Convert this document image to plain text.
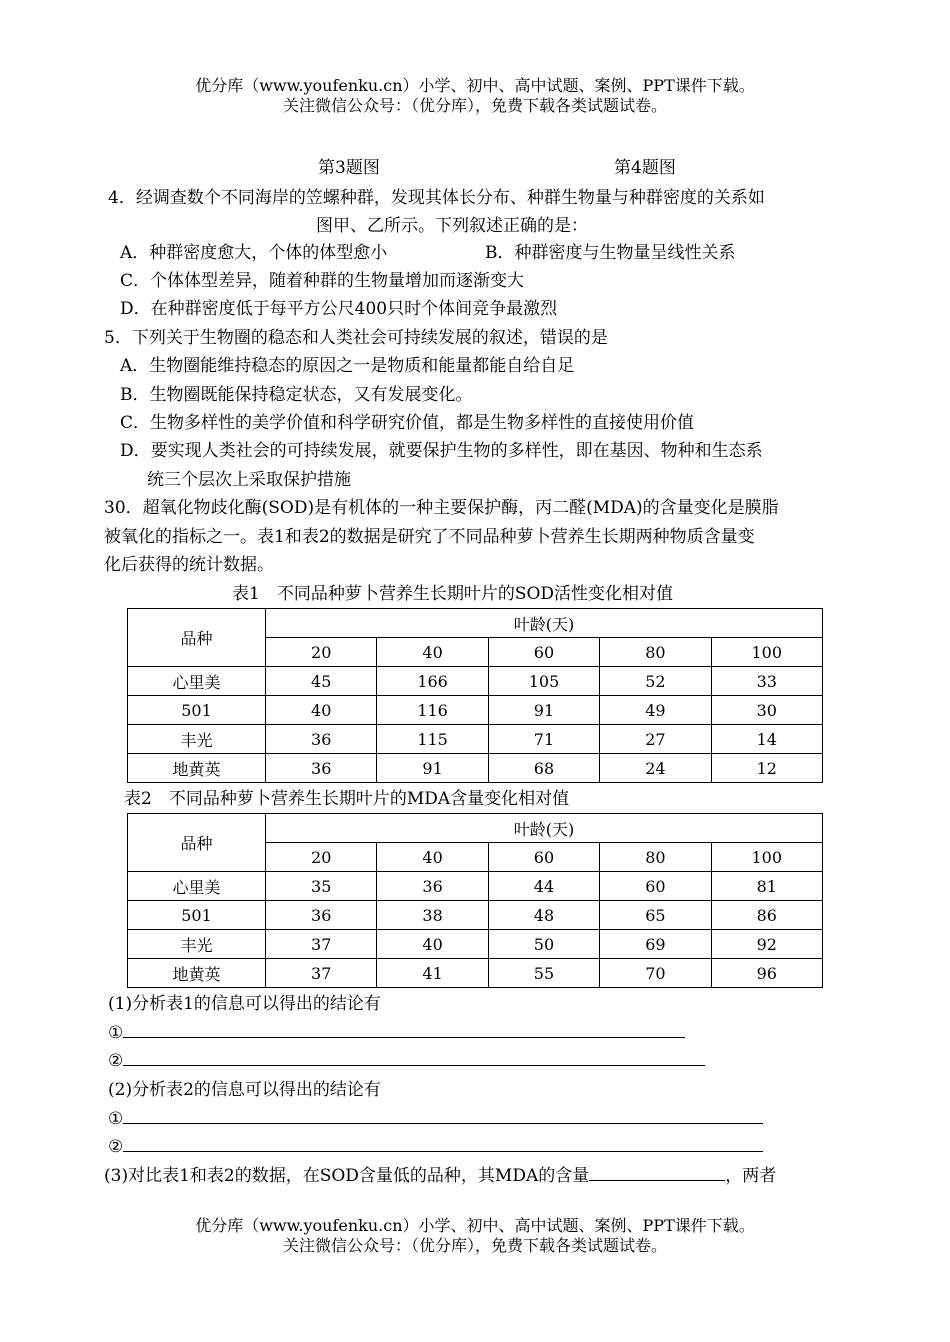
优分库（www.youfenku.cn）小学、初中、高中试题、案例、PPT课件下载。
关注微信公众号：（优分库），免费下载各类试题试卷。
第3题图	第4题图
4．经调查数个不同海岸的笠螺种群，发现其体长分布、种群生物量与种群密度的关系如
图甲、乙所示。下列叙述正确的是：
A．种群密度愈大，个体的体型愈小	B．种群密度与生物量呈线性关系
C．个体体型差异，随着种群的生物量增加而逐渐变大
D．在种群密度低于每平方公尺400只时个体间竞争最激烈
5．下列关于生物圈的稳态和人类社会可持续发展的叙述，错误的是
A．生物圈能维持稳态的原因之一是物质和能量都能自给自足
B．生物圈既能保持稳定状态，又有发展变化。
C．生物多样性的美学价值和科学研究价值，都是生物多样性的直接使用价值
D．要实现人类社会的可持续发展，就要保护生物的多样性，即在基因、物种和生态系
统三个层次上采取保护措施
30．超氧化物歧化酶(SOD)是有机体的一种主要保护酶，丙二醛(MDA)的含量变化是膜脂
被氧化的指标之一。表1和表2的数据是研究了不同品种萝卜营养生长期两种物质含量变
化后获得的统计数据。
表1　不同品种萝卜营养生长期叶片的SOD活性变化相对值
品种	叶龄(天)				
	20	40	60	80	100
心里美	45	166	105	52	33
501	40	116	91	49	30
丰光	36	115	71	27	14
地黄英	36	91	68	24	12
表2　不同品种萝卜营养生长期叶片的MDA含量变化相对值
品种	叶龄(天)				
	20	40	60	80	100
心里美	35	36	44	60	81
501	36	38	48	65	86
丰光	37	40	50	69	92
地黄英	37	41	55	70	96
(1)分析表1的信息可以得出的结论有
①
②
(2)分析表2的信息可以得出的结论有
①
②
(3)对比表1和表2的数据，在SOD含量低的品种，其MDA的含量	，两者
优分库（www.youfenku.cn）小学、初中、高中试题、案例、PPT课件下载。
关注微信公众号：（优分库），免费下载各类试题试卷。
